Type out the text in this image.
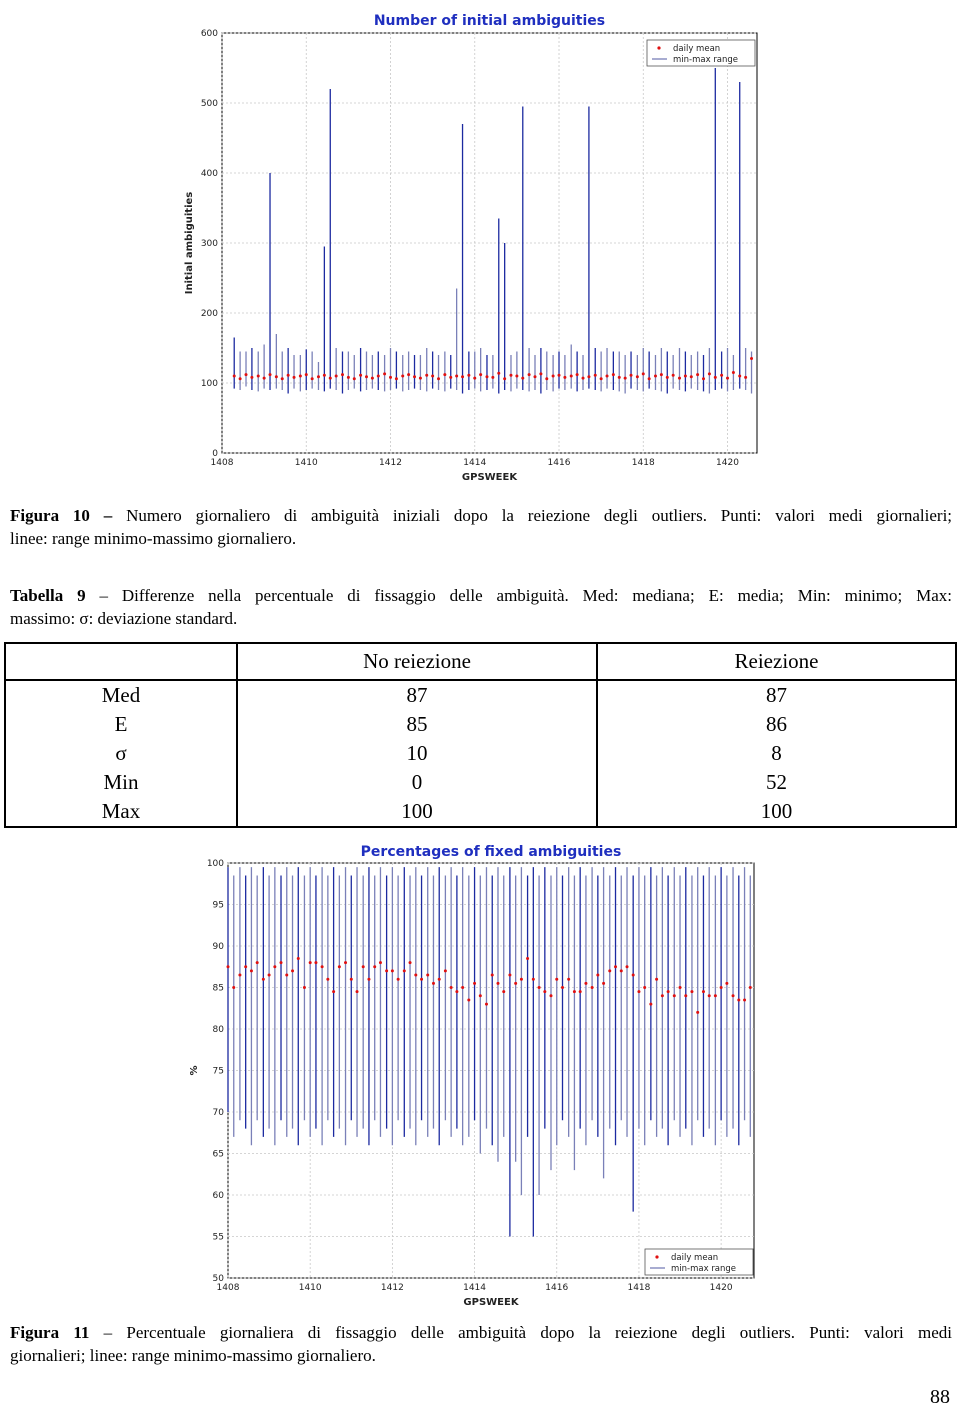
0
100
200
300
400
500
600
1408	1410	1412	1414	1416	1418	1420
Number of initial ambiguities
GPSWEEK
Initial ambiguities
daily mean
min-max range
Figura 10 – Numero giornaliero di ambiguità iniziali dopo la reiezione degli outliers. Punti: valori medi giornalieri;
linee: range minimo-massimo giornaliero.
Tabella 9 – Differenze nella percentuale di fissaggio delle ambiguità. Med: mediana; E: media; Min: minimo; Max:
massimo: σ: deviazione standard.
	No reiezione	Reiezione
Med	87	87
E	85	86
σ	10	8
Min	0	52
Max	100	100
50
55
60
65
70
75
80
85
90
95
100
1408	1410	1412	1414	1416	1418	1420
Percentages of fixed ambiguities
GPSWEEK
%
daily mean
min-max range
Figura 11 – Percentuale giornaliera di fissaggio delle ambiguità dopo la reiezione degli outliers. Punti: valori medi
giornalieri; linee: range minimo-massimo giornaliero.
88
